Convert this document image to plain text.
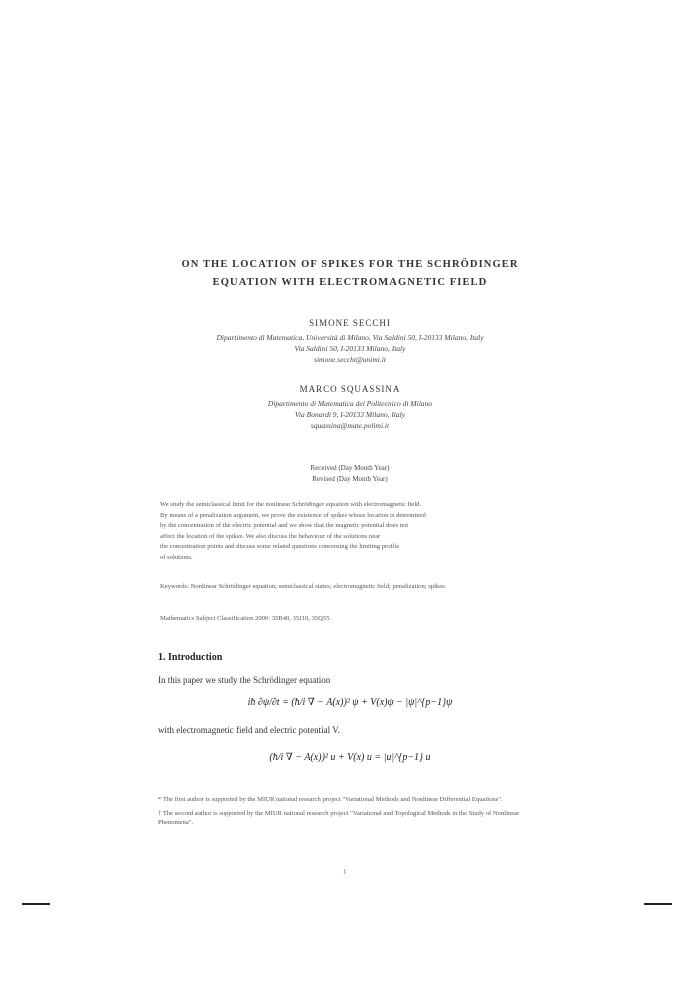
ON THE LOCATION OF SPIKES FOR THE SCHRÖDINGER
EQUATION WITH ELECTROMAGNETIC FIELD
SIMONE SECCHI
Dipartimento di Matematica, Università di Milano, Via Saldini 50, I-20133 Milano, Italy
Via Saldini 50, I-20133 Milano, Italy
simone.secchi@unimi.it
MARCO SQUASSINA
Dipartimento di Matematica del Politecnico di Milano
Via Bonardi 9, I-20133 Milano, Italy
squassina@mate.polimi.it
Received (Day Month Year)
Revised (Day Month Year)
We study the semiclassical limit for the nonlinear Schrödinger equation with electromagnetic field.
By means of a penalization argument, we prove the existence of spikes whose location is determined
by the concentration of the electric potential and we show that the magnetic potential does not
affect the location of the spikes. We also discuss the behaviour of the solutions near
the concentration points and discuss some related questions concerning the limiting profile
of solutions.
Keywords: Nonlinear Schrödinger equation; semiclassical states; electromagnetic field; penalization; spikes.
Mathematics Subject Classification 2000: 35B40, 35J10, 35Q55.
1. Introduction
In this paper we study the Schrödinger equation
iħ ∂ψ/∂t = (ħ/i ∇ − A(x))² ψ + V(x)ψ − |ψ|^{p−1}ψ
with electromagnetic field and electric potential V.
(ħ/i ∇ − A(x))² u + V(x) u = |u|^{p−1} u
* The first author is supported by the MIUR national research project "Variational Methods and Nonlinear Differential Equations".
† The second author is supported by the MIUR national research project "Variational and Topological Methods in the Study of Nonlinear Phenomena".
1
